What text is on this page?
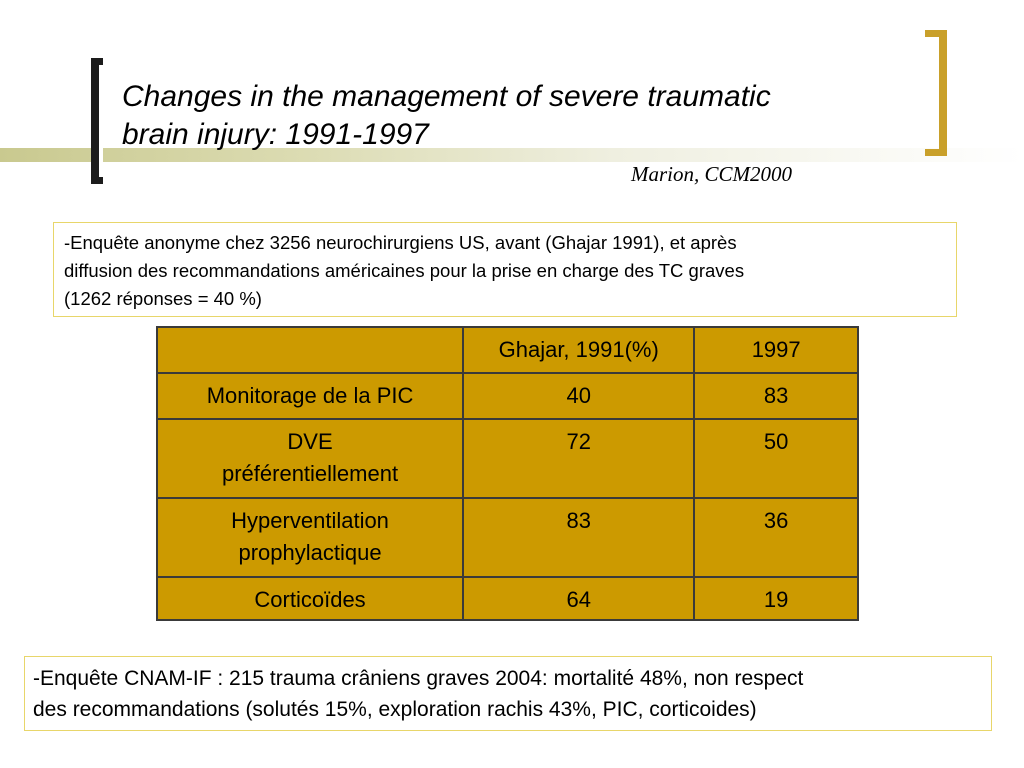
Changes in the management of severe traumatic
brain injury: 1991-1997
Marion, CCM2000
-Enquête anonyme chez 3256 neurochirurgiens US, avant (Ghajar 1991), et après
diffusion des recommandations américaines pour la prise en charge des TC graves
(1262 réponses = 40 %)
	Ghajar, 1991(%)	1997

Monitorage de la PIC	40	83

DVE
préférentiellement	72	50

Hyperventilation
prophylactique	83	36

Corticoïdes	64	19
-Enquête CNAM-IF : 215 trauma crâniens graves 2004: mortalité 48%, non respect
des recommandations (solutés 15%, exploration rachis 43%, PIC, corticoides)
